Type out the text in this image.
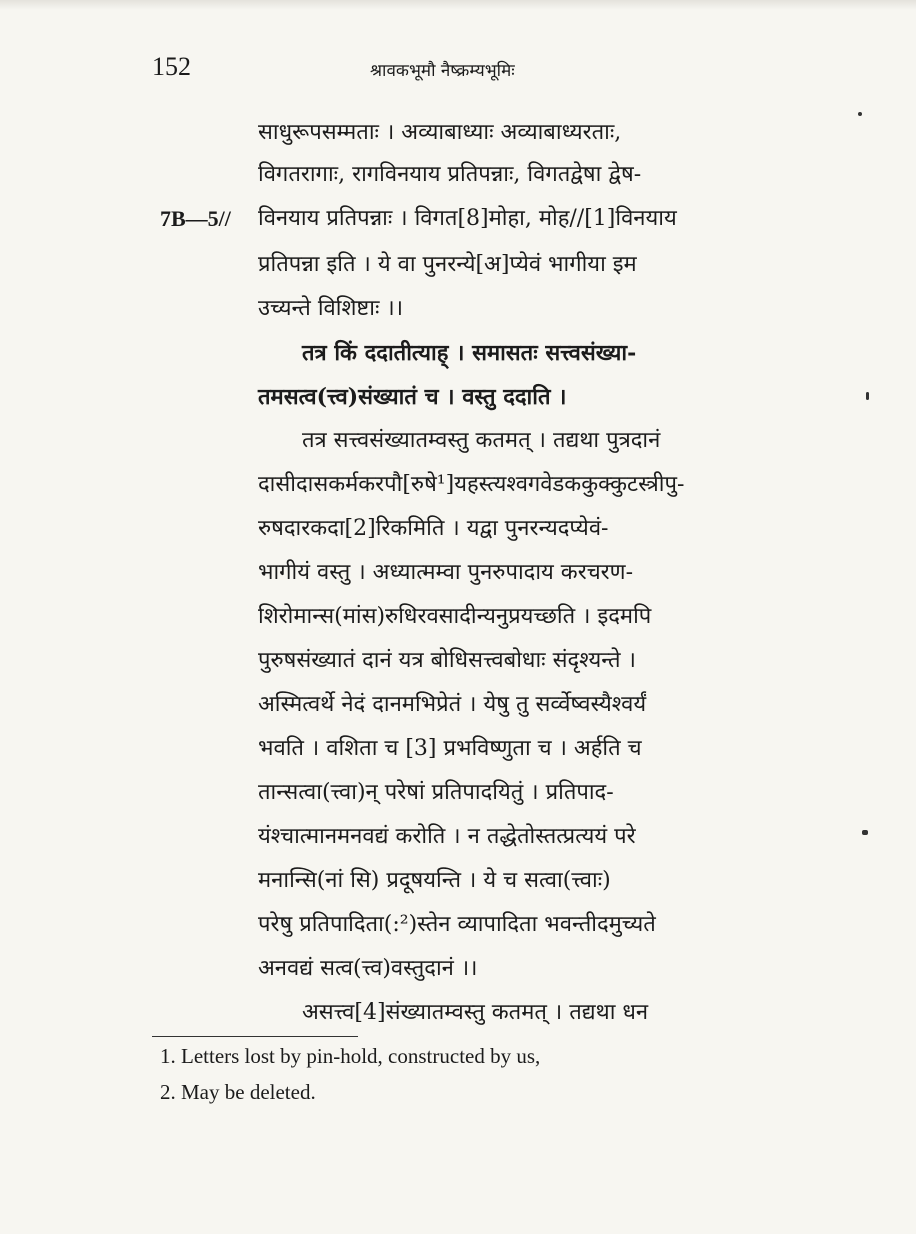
152	श्रावकभूमौ नैष्क्रम्यभूमिः
7B—5//
साधुरूपसम्मताः । अव्याबाध्याः अव्याबाध्यरताः,
विगतरागाः, रागविनयाय प्रतिपन्नाः, विगतद्वेषा द्वेष-
विनयाय प्रतिपन्नाः । विगत[8]मोहा, मोह//[1]विनयाय
प्रतिपन्ना इति । ये वा पुनरन्ये[अ]प्येवं भागीया इम
उच्यन्ते विशिष्टाः ।।
तत्र किं ददातीत्याह् । समासतः सत्त्वसंख्या-
तमसत्व(त्त्व)संख्यातं च । वस्तु ददाति ।
तत्र सत्त्वसंख्यातम्वस्तु कतमत् । तद्यथा पुत्रदानं
दासीदासकर्मकरपौ[रुषे¹]यहस्त्यश्वगवेडककुक्कुटस्त्रीपु-
रुषदारकदा[2]रिकमिति । यद्वा पुनरन्यदप्येवं-
भागीयं वस्तु । अध्यात्मम्वा पुनरुपादाय करचरण-
शिरोमान्स(मांस)रुधिरवसादीन्यनुप्रयच्छति । इदमपि
पुरुषसंख्यातं दानं यत्र बोधिसत्त्वबोधाः संदृश्यन्ते ।
अस्मित्वर्थे नेदं दानमभिप्रेतं । येषु तु सर्व्वेष्वस्यैश्वर्यं
भवति । वशिता च [3] प्रभविष्णुता च । अर्हति च
तान्सत्वा(त्त्वा)न् परेषां प्रतिपादयितुं । प्रतिपाद-
यंश्चात्मानमनवद्यं करोति । न तद्धेतोस्तत्प्रत्ययं परे
मनान्सि(नां सि) प्रदूषयन्ति । ये च सत्वा(त्त्वाः)
परेषु प्रतिपादिता(:²)स्तेन व्यापादिता भवन्तीदमुच्यते
अनवद्यं सत्व(त्त्व)वस्तुदानं ।।
असत्त्व[4]संख्यातम्वस्तु कतमत् । तद्यथा धन
1. Letters lost by pin-hold, constructed by us,
2. May be deleted.
